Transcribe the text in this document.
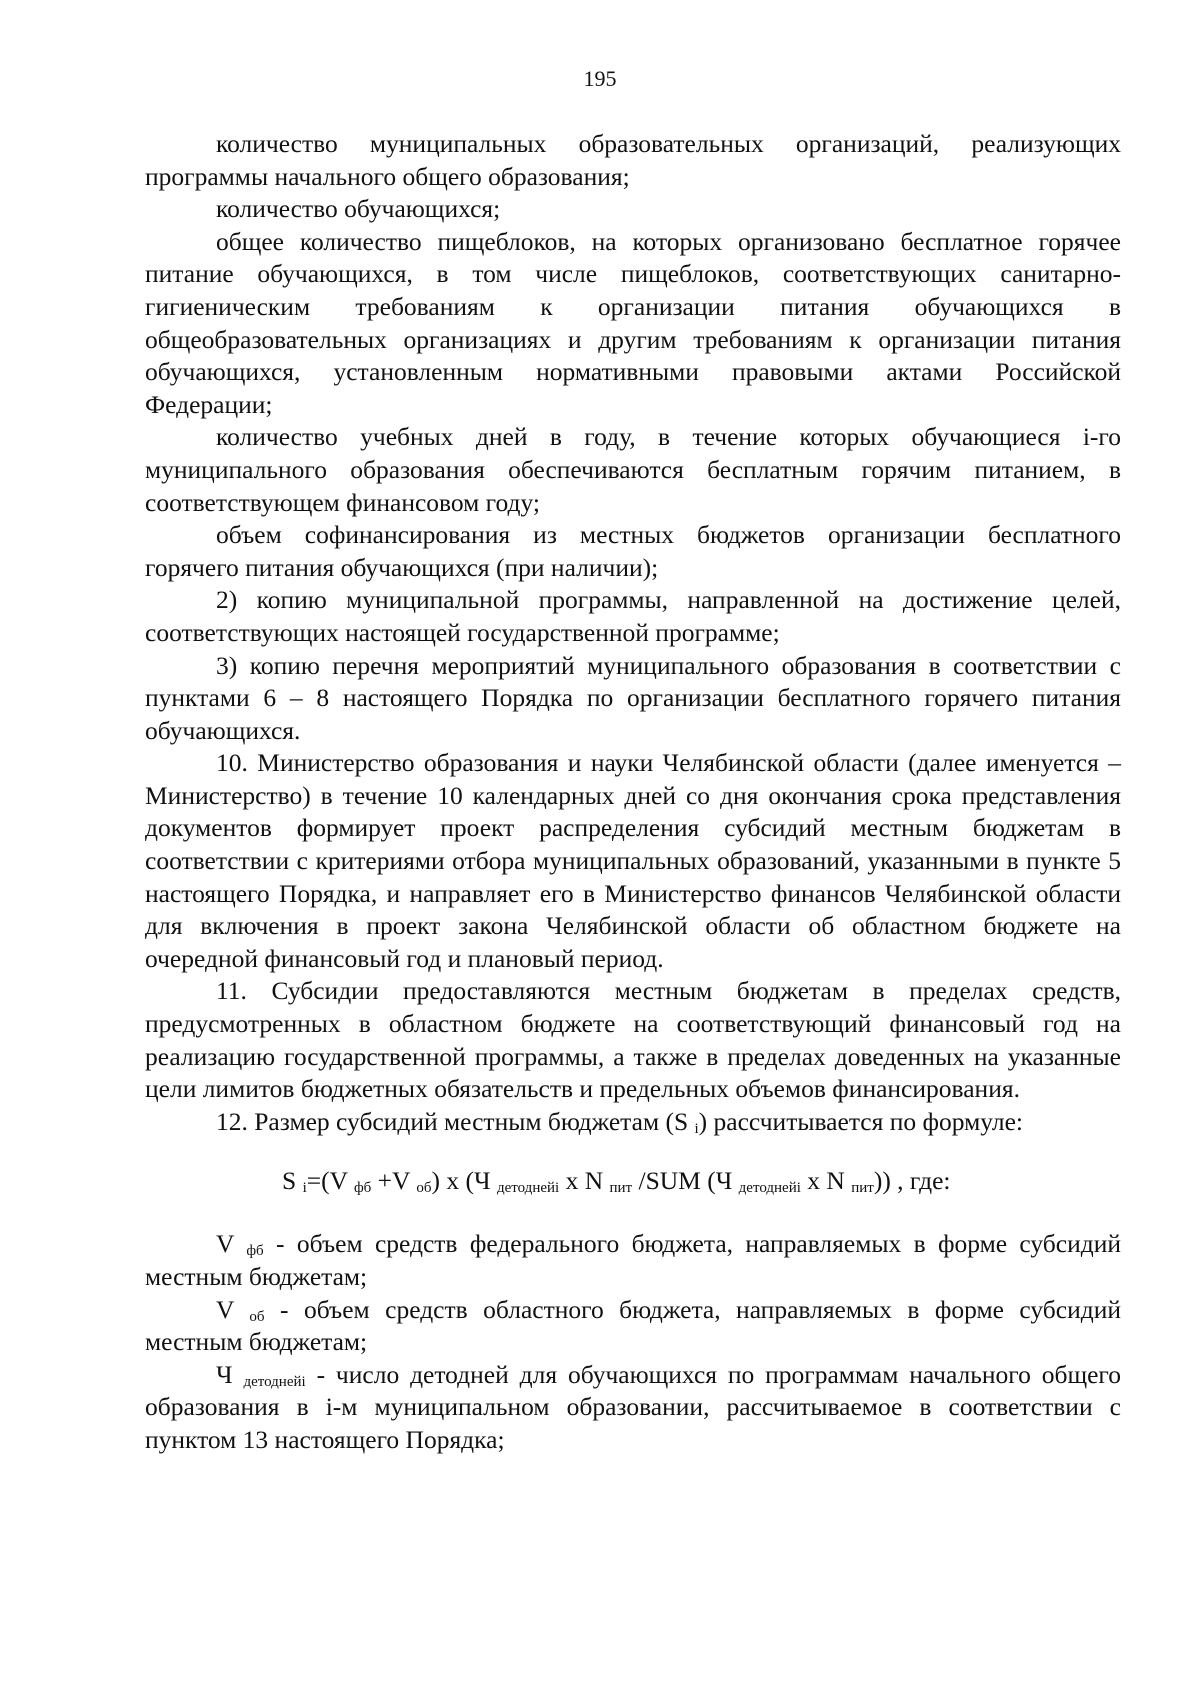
195

количество муниципальных образовательных организаций, реализующих программы начального общего образования;

количество обучающихся;

общее количество пищеблоков, на которых организовано бесплатное горячее питание обучающихся, в том числе пищеблоков, соответствующих санитарно-гигиеническим требованиям к организации питания обучающихся в общеобразовательных организациях и другим требованиям к организации питания обучающихся, установленным нормативными правовыми актами Российской Федерации;

количество учебных дней в году, в течение которых обучающиеся i-го муниципального образования обеспечиваются бесплатным горячим питанием, в соответствующем финансовом году;

объем софинансирования из местных бюджетов организации бесплатного горячего питания обучающихся (при наличии);

2) копию муниципальной программы, направленной на достижение целей, соответствующих настоящей государственной программе;

3) копию перечня мероприятий муниципального образования в соответствии с пунктами 6 – 8 настоящего Порядка по организации бесплатного горячего питания обучающихся.

10. Министерство образования и науки Челябинской области (далее именуется – Министерство) в течение 10 календарных дней со дня окончания срока представления документов формирует проект распределения субсидий местным бюджетам в соответствии с критериями отбора муниципальных образований, указанными в пункте 5 настоящего Порядка, и направляет его в Министерство финансов Челябинской области для включения в проект закона Челябинской области об областном бюджете на очередной финансовый год и плановый период.

11. Субсидии предоставляются местным бюджетам в пределах средств, предусмотренных в областном бюджете на соответствующий финансовый год на реализацию государственной программы, а также в пределах доведенных на указанные цели лимитов бюджетных обязательств и предельных объемов финансирования.

12. Размер субсидий местным бюджетам (S $_i$) рассчитывается по формуле:

S $_i$=(V $_{фб}$ +V $_{об}$) x (Ч $_{детоднейi}$ x N $_{пит}$ /SUM (Ч $_{детоднейi}$ x N $_{пит}$)) , где:

V $_{фб}$ - объем средств федерального бюджета, направляемых в форме субсидий местным бюджетам;

V $_{об}$ - объем средств областного бюджета, направляемых в форме субсидий местным бюджетам;

Ч $_{детоднейi}$ - число детодней для обучающихся по программам начального общего образования в i-м муниципальном образовании, рассчитываемое в соответствии с пунктом 13 настоящего Порядка;
